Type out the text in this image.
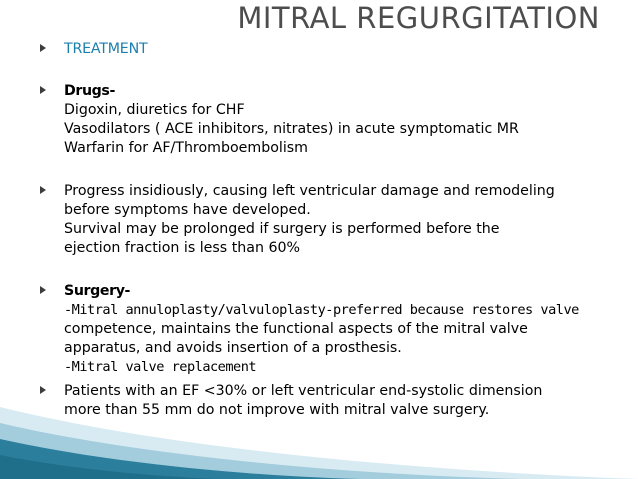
MITRAL REGURGITATION
TREATMENT
Drugs-
Digoxin, diuretics for CHF
Vasodilators ( ACE inhibitors, nitrates) in acute symptomatic MR
Warfarin for AF/Thromboembolism
Progress insidiously, causing left ventricular damage and remodeling
before symptoms have developed.
Survival may be prolonged if surgery is performed before the
ejection fraction is less than 60%
Surgery-
-Mitral annuloplasty/valvuloplasty-preferred because restores valve
competence, maintains the functional aspects of the mitral valve
apparatus, and avoids insertion of a prosthesis.
-Mitral valve replacement
Patients with an EF <30% or left ventricular end-systolic dimension
more than 55 mm do not improve with mitral valve surgery.
